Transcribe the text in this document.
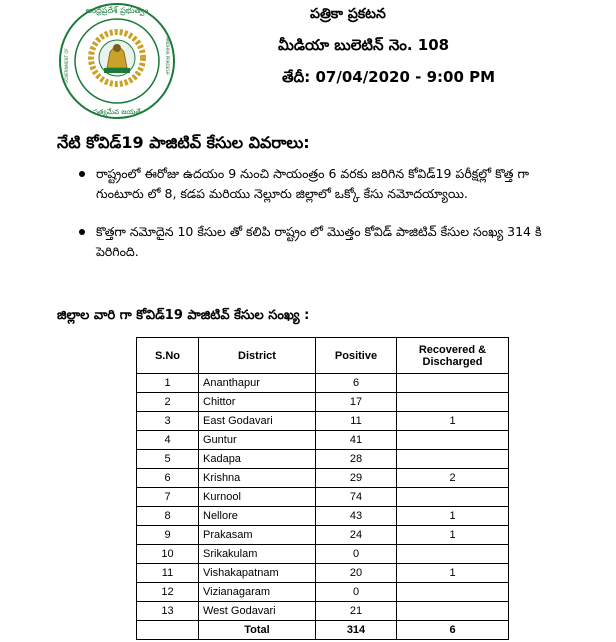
ఆంధ్రప్రదేశ్ ప్రభుత్వం
సత్యమేవ జయతే
GOVERNMENT OF	ANDHRA PRADESH
పత్రికా ప్రకటన
మీడియా బులెటిన్ నెం. 108
తేదీ: 07/04/2020 - 9:00 PM
నేటి కోవిడ్19 పాజిటివ్ కేసుల వివరాలు:
రాష్ట్రంలో ఈరోజు ఉదయం 9 నుంచి సాయంత్రం 6 వరకు జరిగిన కోవిడ్19 పరీక్షల్లో కొత్త గా
గుంటూరు లో 8, కడప మరియు నెల్లూరు జిల్లాలో ఒక్కో కేసు నమోదయ్యాయి.
కొత్తగా నమోదైన 10 కేసుల తో కలిపి రాష్ట్రం లో మొత్తం కోవిడ్ పాజిటివ్ కేసుల సంఖ్య 314 కి
పెరిగింది.
జిల్లాల వారి గా కోవిడ్19 పాజిటివ్ కేసుల సంఖ్య :
S.No	District	Positive	Recovered &
Discharged
1	Ananthapur	6	
2	Chittor	17	
3	East Godavari	11	1
4	Guntur	41	
5	Kadapa	28	
6	Krishna	29	2
7	Kurnool	74	
8	Nellore	43	1
9	Prakasam	24	1
10	Srikakulam	0	
11	Vishakapatnam	20	1
12	Vizianagaram	0	
13	West Godavari	21	
	Total	314	6
